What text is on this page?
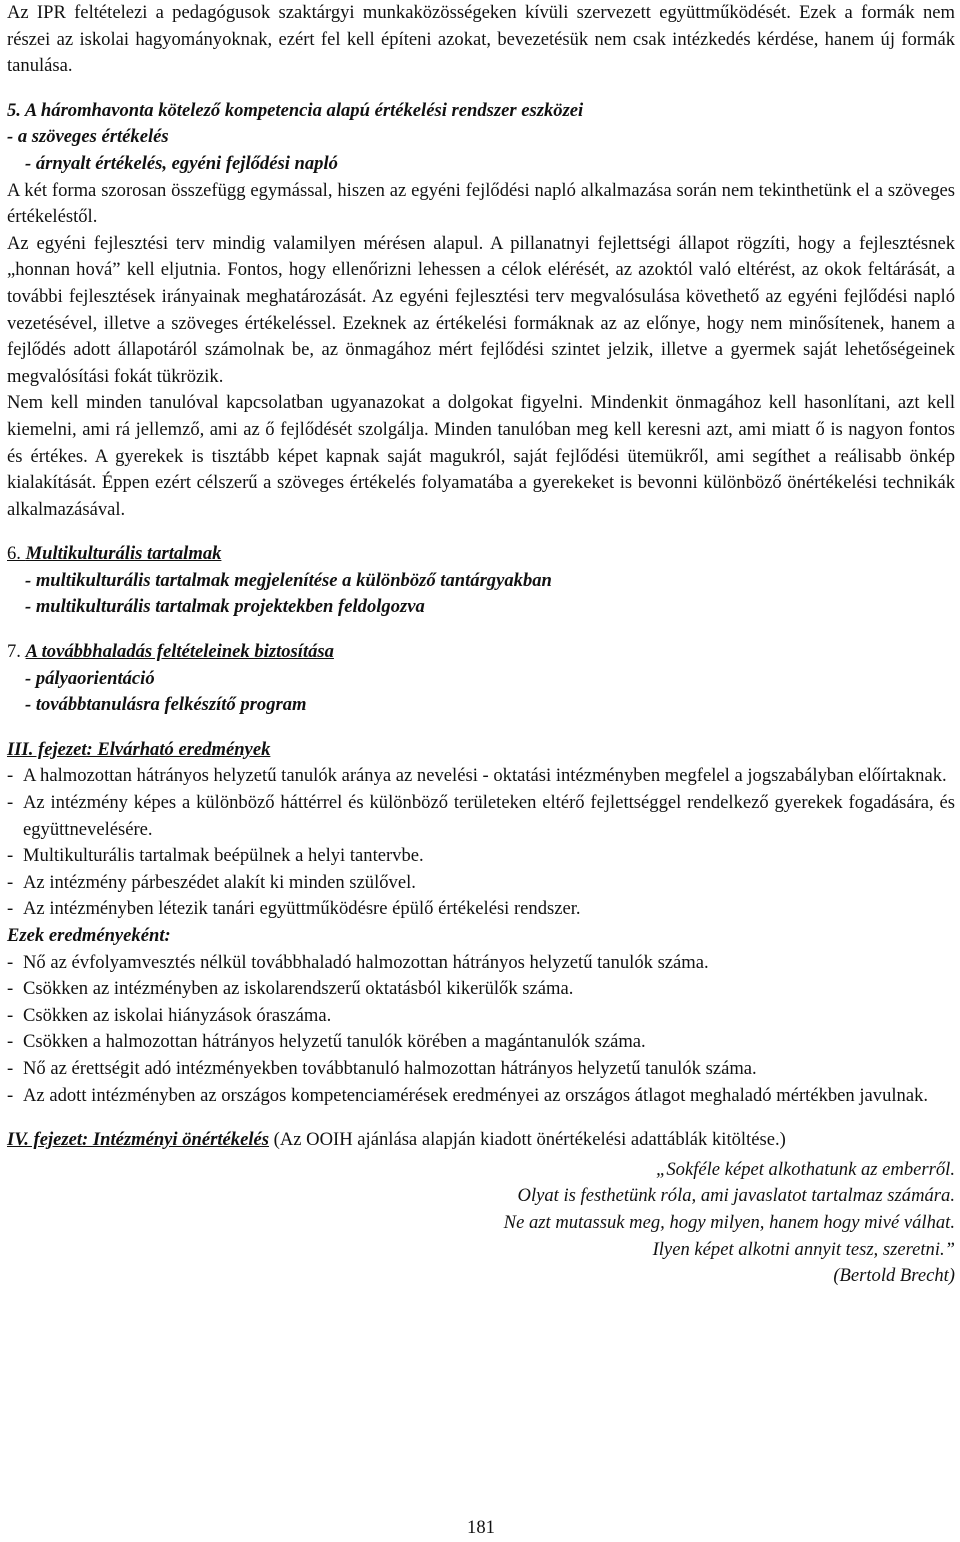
Az IPR feltételezi a pedagógusok szaktárgyi munkaközösségeken kívüli szervezett együttműködését. Ezek a formák nem részei az iskolai hagyományoknak, ezért fel kell építeni azokat, bevezetésük nem csak intézkedés kérdése, hanem új formák tanulása.

5. A háromhavonta kötelező kompetencia alapú értékelési rendszer eszközei

- a szöveges értékelés

- árnyalt értékelés, egyéni fejlődési napló

A két forma szorosan összefügg egymással, hiszen az egyéni fejlődési napló alkalmazása során nem tekinthetünk el a szöveges értékeléstől.

Az egyéni fejlesztési terv mindig valamilyen mérésen alapul. A pillanatnyi fejlettségi állapot rögzíti, hogy a fejlesztésnek „honnan hová” kell eljutnia. Fontos, hogy ellenőrizni lehessen a célok elérését, az azoktól való eltérést, az okok feltárását, a további fejlesztések irányainak meghatározását. Az egyéni fejlesztési terv megvalósulása követhető az egyéni fejlődési napló vezetésével, illetve a szöveges értékeléssel. Ezeknek az értékelési formáknak az az előnye, hogy nem minősítenek, hanem a fejlődés adott állapotáról számolnak be, az önmagához mért fejlődési szintet jelzik, illetve a gyermek saját lehetőségeinek megvalósítási fokát tükrözik.

Nem kell minden tanulóval kapcsolatban ugyanazokat a dolgokat figyelni. Mindenkit önmagához kell hasonlítani, azt kell kiemelni, ami rá jellemző, ami az ő fejlődését szolgálja. Minden tanulóban meg kell keresni azt, ami miatt ő is nagyon fontos és értékes. A gyerekek is tisztább képet kapnak saját magukról, saját fejlődési ütemükről, ami segíthet a reálisabb önkép kialakítását. Éppen ezért célszerű a szöveges értékelés folyamatába a gyerekeket is bevonni különböző önértékelési technikák alkalmazásával.

6. Multikulturális tartalmak

- multikulturális tartalmak megjelenítése a különböző tantárgyakban

- multikulturális tartalmak projektekben feldolgozva

7. A továbbhaladás feltételeinek biztosítása

- pályaorientáció

- továbbtanulásra felkészítő program

III. fejezet: Elvárható eredmények

- A halmozottan hátrányos helyzetű tanulók aránya az nevelési - oktatási intézményben megfelel a jogszabályban előírtaknak.
- Az intézmény képes a különböző háttérrel és különböző területeken eltérő fejlettséggel rendelkező gyerekek fogadására, és együttnevelésére.
- Multikulturális tartalmak beépülnek a helyi tantervbe.
- Az intézmény párbeszédet alakít ki minden szülővel.
- Az intézményben létezik tanári együttműködésre épülő értékelési rendszer.

Ezek eredményeként:

- Nő az évfolyamvesztés nélkül továbbhaladó halmozottan hátrányos helyzetű tanulók száma.
- Csökken az intézményben az iskolarendszerű oktatásból kikerülők száma.
- Csökken az iskolai hiányzások óraszáma.
- Csökken a halmozottan hátrányos helyzetű tanulók körében a magántanulók száma.
- Nő az érettségit adó intézményekben továbbtanuló halmozottan hátrányos helyzetű tanulók száma.
- Az adott intézményben az országos kompetenciamérések eredményei az országos átlagot meghaladó mértékben javulnak.

IV. fejezet: Intézményi önértékelés (Az OOIH ajánlása alapján kiadott önértékelési adattáblák kitöltése.)

„Sokféle képet alkothatunk az emberről.

Olyat is festhetünk róla, ami javaslatot tartalmaz számára.

Ne azt mutassuk meg, hogy milyen, hanem hogy mivé válhat.

Ilyen képet alkotni annyit tesz, szeretni.”

(Bertold Brecht)

181
